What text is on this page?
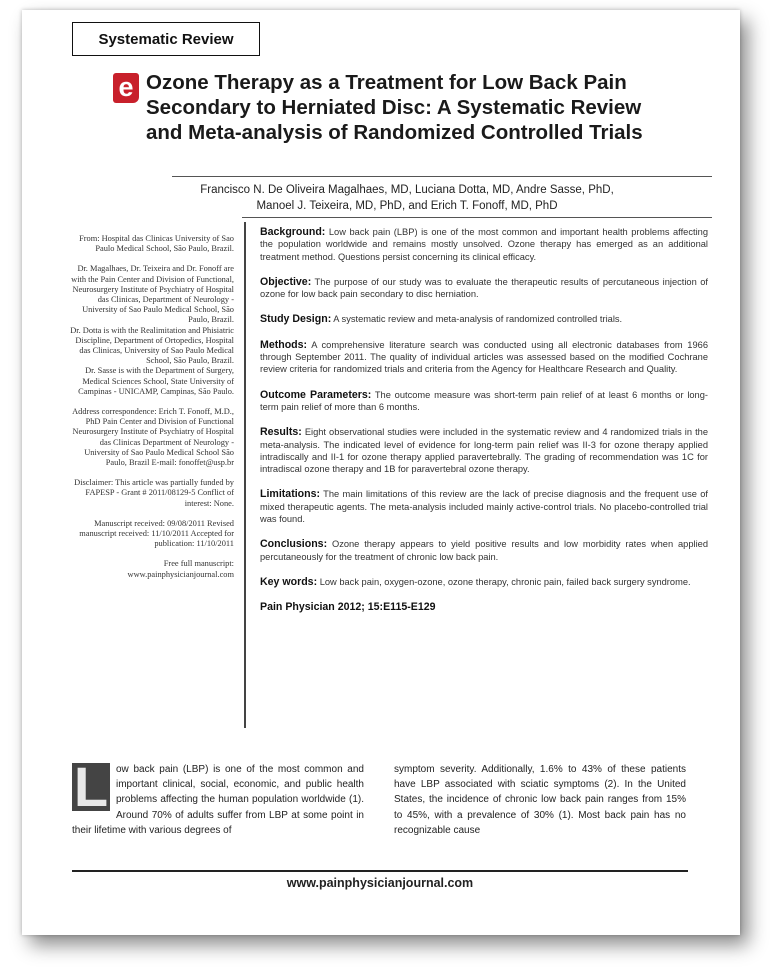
Systematic Review
e Ozone Therapy as a Treatment for Low Back Pain Secondary to Herniated Disc: A Systematic Review and Meta-analysis of Randomized Controlled Trials
Francisco N. De Oliveira Magalhaes, MD, Luciana Dotta, MD, Andre Sasse, PhD,
Manoel J. Teixeira, MD, PhD, and Erich T. Fonoff, MD, PhD

From: Hospital das Clinicas University of Sao Paulo Medical School, São Paulo, Brazil.

Dr. Magalhaes, Dr. Teixeira and Dr. Fonoff are with the Pain Center and Division of Functional, Neurosurgery Institute of Psychiatry of Hospital das Clinicas, Department of Neurology - University of Sao Paulo Medical School, São Paulo, Brazil.

Dr. Dotta is with the Realimitation and Phisiatric Discipline, Department of Ortopedics, Hospital das Clinicas, University of Sao Paulo Medical School, São Paulo, Brazil.

Dr. Sasse is with the Department of Surgery, Medical Sciences School, State University of Campinas - UNICAMP, Campinas, São Paulo.

Address correspondence: Erich T. Fonoff, M.D., PhD Pain Center and Division of Functional Neurosurgery Institute of Psychiatry of Hospital das Clinicas Department of Neurology - University of Sao Paulo Medical School São Paulo, Brazil E-mail: fonoffet@usp.br

Disclaimer: This article was partially funded by FAPESP - Grant # 2011/08129-5 Conflict of interest: None.

Manuscript received: 09/08/2011 Revised manuscript received: 11/10/2011 Accepted for publication: 11/10/2011

Free full manuscript: www.painphysicianjournal.com

Background: Low back pain (LBP) is one of the most common and important health problems affecting the population worldwide and remains mostly unsolved. Ozone therapy has emerged as an additional treatment method. Questions persist concerning its clinical efficacy.

Objective: The purpose of our study was to evaluate the therapeutic results of percutaneous injection of ozone for low back pain secondary to disc herniation.

Study Design: A systematic review and meta-analysis of randomized controlled trials.

Methods: A comprehensive literature search was conducted using all electronic databases from 1966 through September 2011. The quality of individual articles was assessed based on the modified Cochrane review criteria for randomized trials and criteria from the Agency for Healthcare Research and Quality.

Outcome Parameters: The outcome measure was short-term pain relief of at least 6 months or long-term pain relief of more than 6 months.

Results: Eight observational studies were included in the systematic review and 4 randomized trials in the meta-analysis. The indicated level of evidence for long-term pain relief was II-3 for ozone therapy applied intradiscally and II-1 for ozone therapy applied paravertebrally. The grading of recommendation was 1C for intradiscal ozone therapy and 1B for paravertebral ozone therapy.

Limitations: The main limitations of this review are the lack of precise diagnosis and the frequent use of mixed therapeutic agents. The meta-analysis included mainly active-control trials. No placebo-controlled trial was found.

Conclusions: Ozone therapy appears to yield positive results and low morbidity rates when applied percutaneously for the treatment of chronic low back pain.

Key words: Low back pain, oxygen-ozone, ozone therapy, chronic pain, failed back surgery syndrome.

Pain Physician 2012; 15:E115-E129
L ow back pain (LBP) is one of the most common and important clinical, social, economic, and public health problems affecting the human population worldwide (1). Around 70% of adults suffer from LBP at some point in their lifetime with various degrees of
symptom severity. Additionally, 1.6% to 43% of these patients have LBP associated with sciatic symptoms (2). In the United States, the incidence of chronic low back pain ranges from 15% to 45%, with a prevalence of 30% (1). Most back pain has no recognizable cause
www.painphysicianjournal.com
